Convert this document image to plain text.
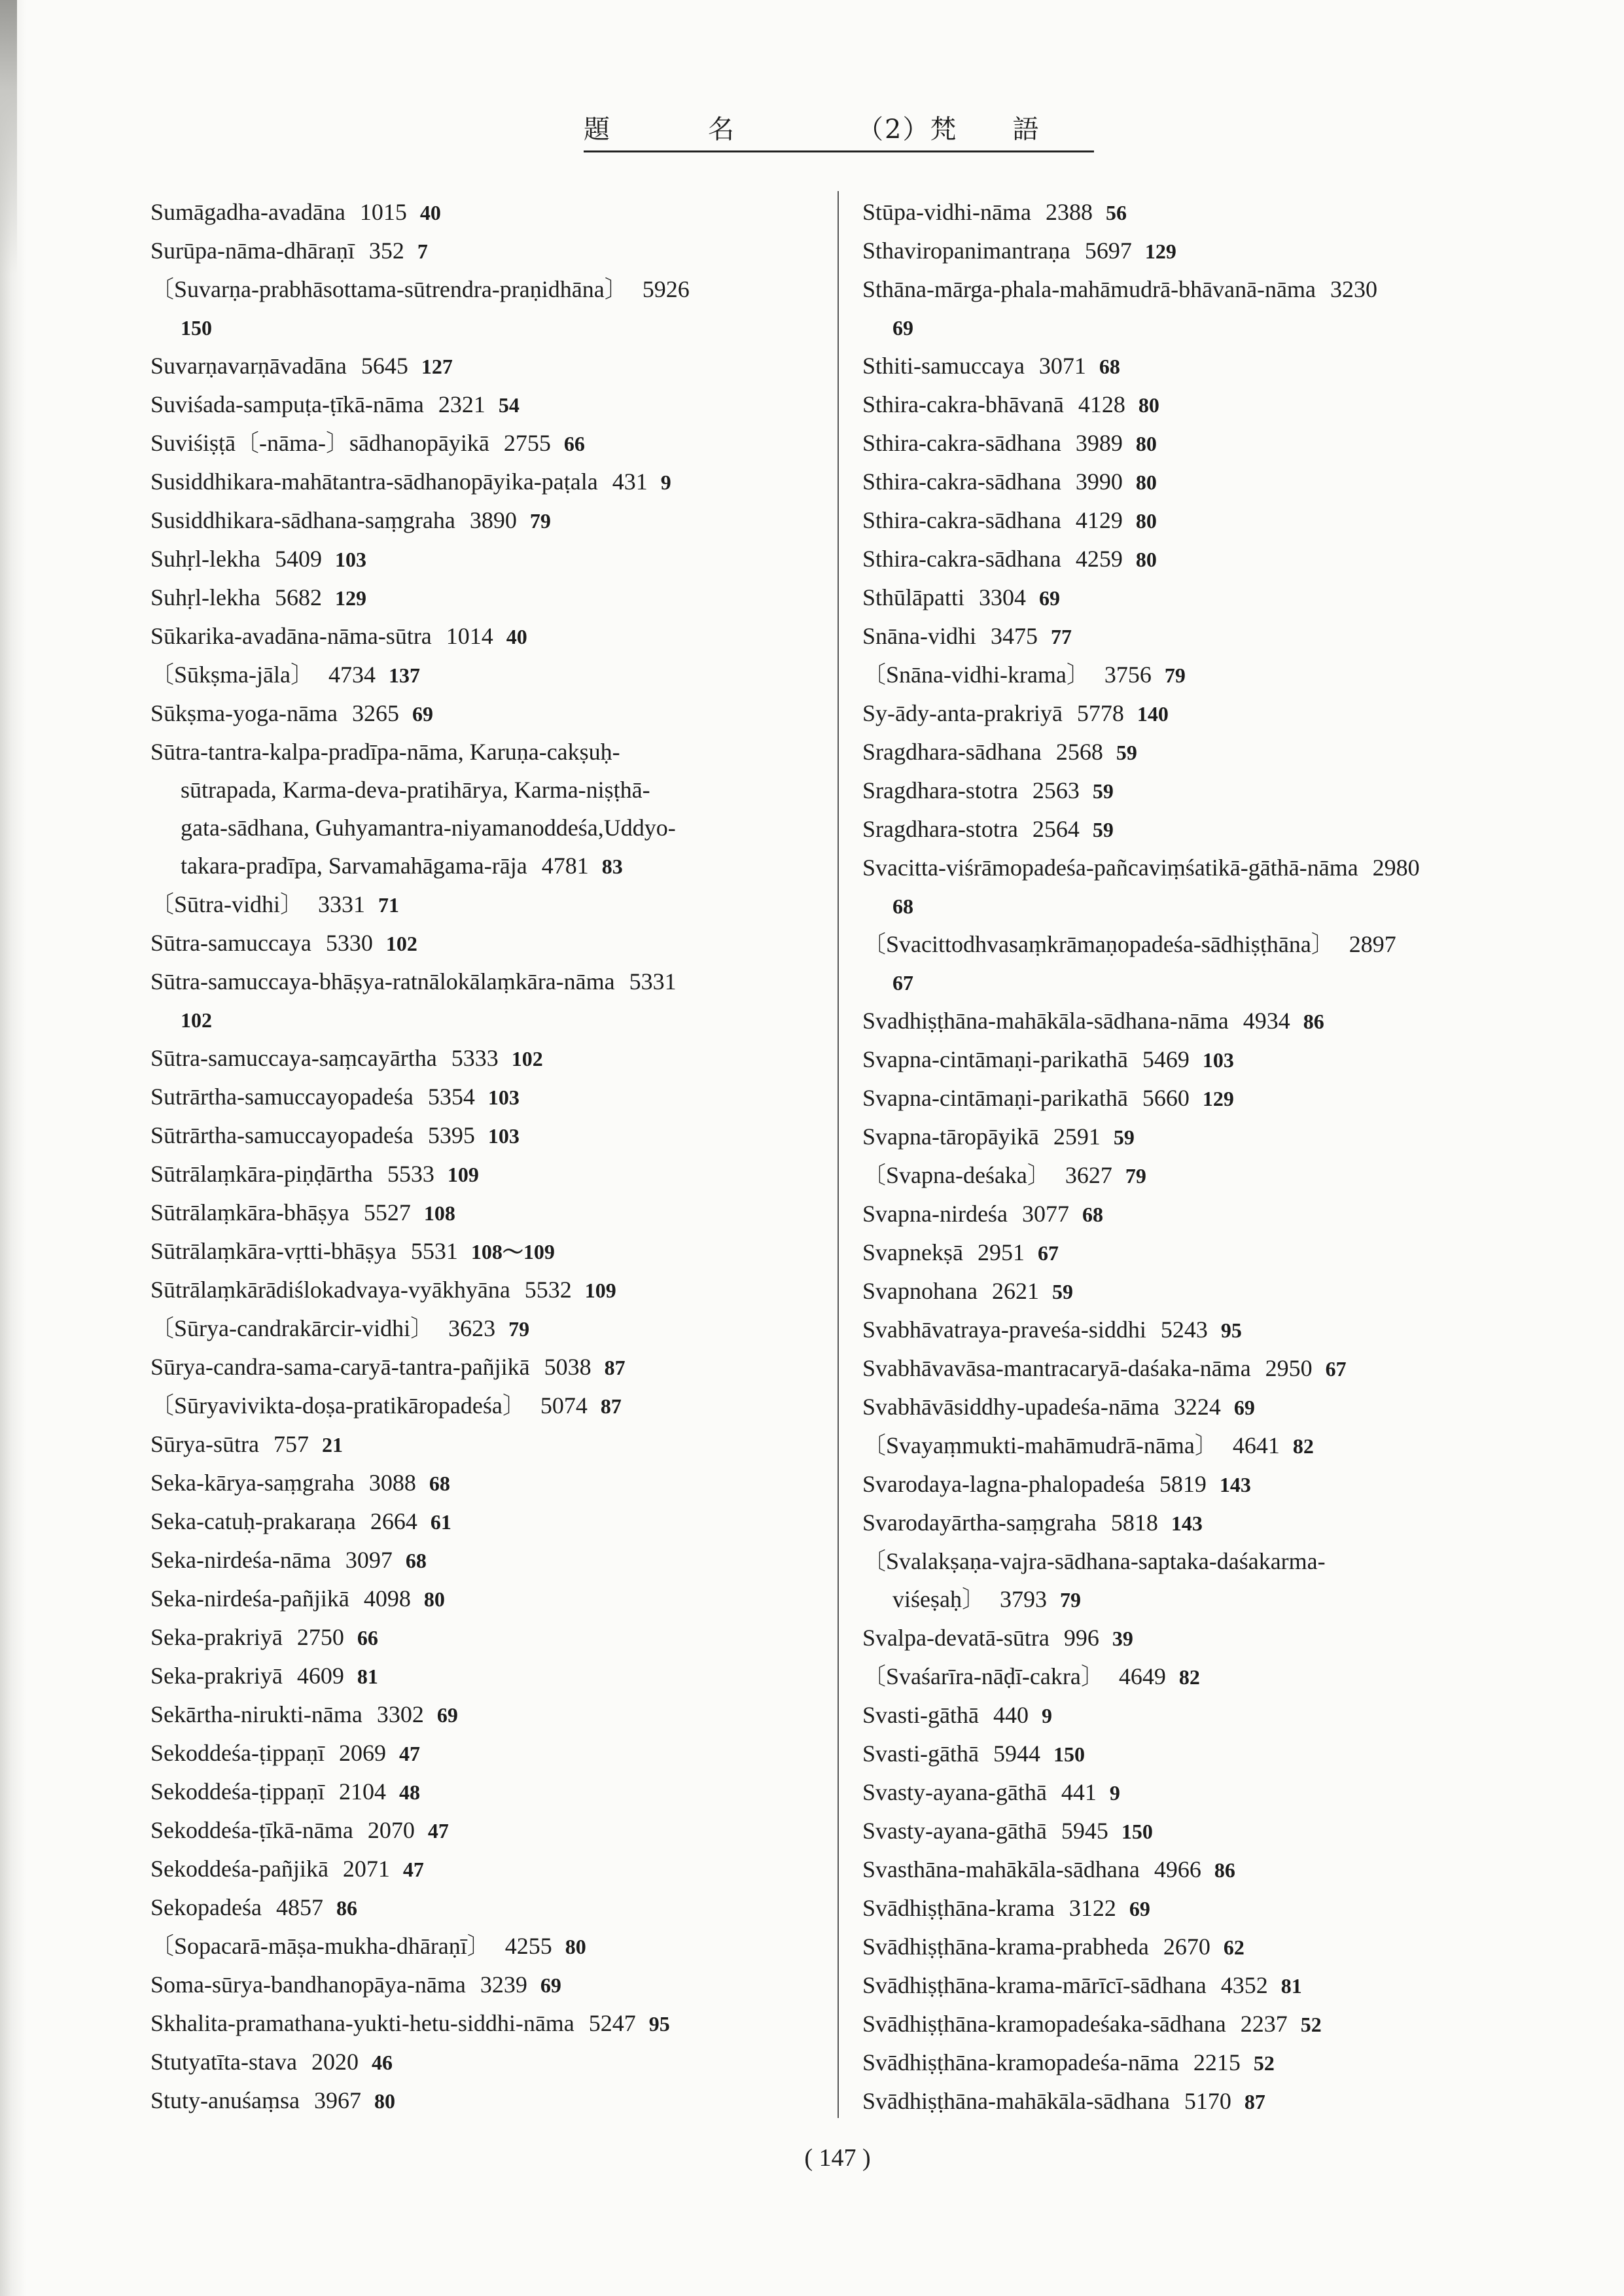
題	名	（2）梵　　語
Sumāgadha-avadāna 1015 40
Surūpa-nāma-dhāraṇī 352 7
〔Suvarṇa-prabhāsottama-sūtrendra-praṇidhāna〕 5926
150
Suvarṇavarṇāvadāna 5645 127
Suviśada-sampuṭa-ṭīkā-nāma 2321 54
Suviśiṣṭā〔-nāma-〕sādhanopāyikā 2755 66
Susiddhikara-mahātantra-sādhanopāyika-paṭala 431 9
Susiddhikara-sādhana-saṃgraha 3890 79
Suhṛl-lekha 5409 103
Suhṛl-lekha 5682 129
Sūkarika-avadāna-nāma-sūtra 1014 40
〔Sūkṣma-jāla〕 4734 137
Sūkṣma-yoga-nāma 3265 69
Sūtra-tantra-kalpa-pradīpa-nāma, Karuṇa-cakṣuḥ-
sūtrapada, Karma-deva-pratihārya, Karma-niṣṭhā-
gata-sādhana, Guhyamantra-niyamanoddeśa,Uddyo-
takara-pradīpa, Sarvamahāgama-rāja 4781 83
〔Sūtra-vidhi〕 3331 71
Sūtra-samuccaya 5330 102
Sūtra-samuccaya-bhāṣya-ratnālokālaṃkāra-nāma 5331
102
Sūtra-samuccaya-saṃcayārtha 5333 102
Sutrārtha-samuccayopadeśa 5354 103
Sūtrārtha-samuccayopadeśa 5395 103
Sūtrālaṃkāra-piṇḍārtha 5533 109
Sūtrālaṃkāra-bhāṣya 5527 108
Sūtrālaṃkāra-vṛtti-bhāṣya 5531 108〜109
Sūtrālaṃkārādiślokadvaya-vyākhyāna 5532 109
〔Sūrya-candrakārcir-vidhi〕 3623 79
Sūrya-candra-sama-caryā-tantra-pañjikā 5038 87
〔Sūryavivikta-doṣa-pratikāropadeśa〕 5074 87
Sūrya-sūtra 757 21
Seka-kārya-saṃgraha 3088 68
Seka-catuḥ-prakaraṇa 2664 61
Seka-nirdeśa-nāma 3097 68
Seka-nirdeśa-pañjikā 4098 80
Seka-prakriyā 2750 66
Seka-prakriyā 4609 81
Sekārtha-nirukti-nāma 3302 69
Sekoddeśa-ṭippaṇī 2069 47
Sekoddeśa-ṭippaṇī 2104 48
Sekoddeśa-ṭīkā-nāma 2070 47
Sekoddeśa-pañjikā 2071 47
Sekopadeśa 4857 86
〔Sopacarā-māṣa-mukha-dhāraṇī〕 4255 80
Soma-sūrya-bandhanopāya-nāma 3239 69
Skhalita-pramathana-yukti-hetu-siddhi-nāma 5247 95
Stutyatīta-stava 2020 46
Stuty-anuśaṃsa 3967 80
Stūpa-vidhi-nāma 2388 56
Sthaviropanimantraṇa 5697 129
Sthāna-mārga-phala-mahāmudrā-bhāvanā-nāma 3230
69
Sthiti-samuccaya 3071 68
Sthira-cakra-bhāvanā 4128 80
Sthira-cakra-sādhana 3989 80
Sthira-cakra-sādhana 3990 80
Sthira-cakra-sādhana 4129 80
Sthira-cakra-sādhana 4259 80
Sthūlāpatti 3304 69
Snāna-vidhi 3475 77
〔Snāna-vidhi-krama〕 3756 79
Sy-ādy-anta-prakriyā 5778 140
Sragdhara-sādhana 2568 59
Sragdhara-stotra 2563 59
Sragdhara-stotra 2564 59
Svacitta-viśrāmopadeśa-pañcaviṃśatikā-gāthā-nāma 2980
68
〔Svacittodhvasaṃkrāmaṇopadeśa-sādhiṣṭhāna〕 2897
67
Svadhiṣṭhāna-mahākāla-sādhana-nāma 4934 86
Svapna-cintāmaṇi-parikathā 5469 103
Svapna-cintāmaṇi-parikathā 5660 129
Svapna-tāropāyikā 2591 59
〔Svapna-deśaka〕 3627 79
Svapna-nirdeśa 3077 68
Svapnekṣā 2951 67
Svapnohana 2621 59
Svabhāvatraya-praveśa-siddhi 5243 95
Svabhāvavāsa-mantracaryā-daśaka-nāma 2950 67
Svabhāvāsiddhy-upadeśa-nāma 3224 69
〔Svayaṃmukti-mahāmudrā-nāma〕 4641 82
Svarodaya-lagna-phalopadeśa 5819 143
Svarodayārtha-saṃgraha 5818 143
〔Svalakṣaṇa-vajra-sādhana-saptaka-daśakarma-
viśeṣaḥ〕 3793 79
Svalpa-devatā-sūtra 996 39
〔Svaśarīra-nāḍī-cakra〕 4649 82
Svasti-gāthā 440 9
Svasti-gāthā 5944 150
Svasty-ayana-gāthā 441 9
Svasty-ayana-gāthā 5945 150
Svasthāna-mahākāla-sādhana 4966 86
Svādhiṣṭhāna-krama 3122 69
Svādhiṣṭhāna-krama-prabheda 2670 62
Svādhiṣṭhāna-krama-mārīcī-sādhana 4352 81
Svādhiṣṭhāna-kramopadeśaka-sādhana 2237 52
Svādhiṣṭhāna-kramopadeśa-nāma 2215 52
Svādhiṣṭhāna-mahākāla-sādhana 5170 87
( 147 )
